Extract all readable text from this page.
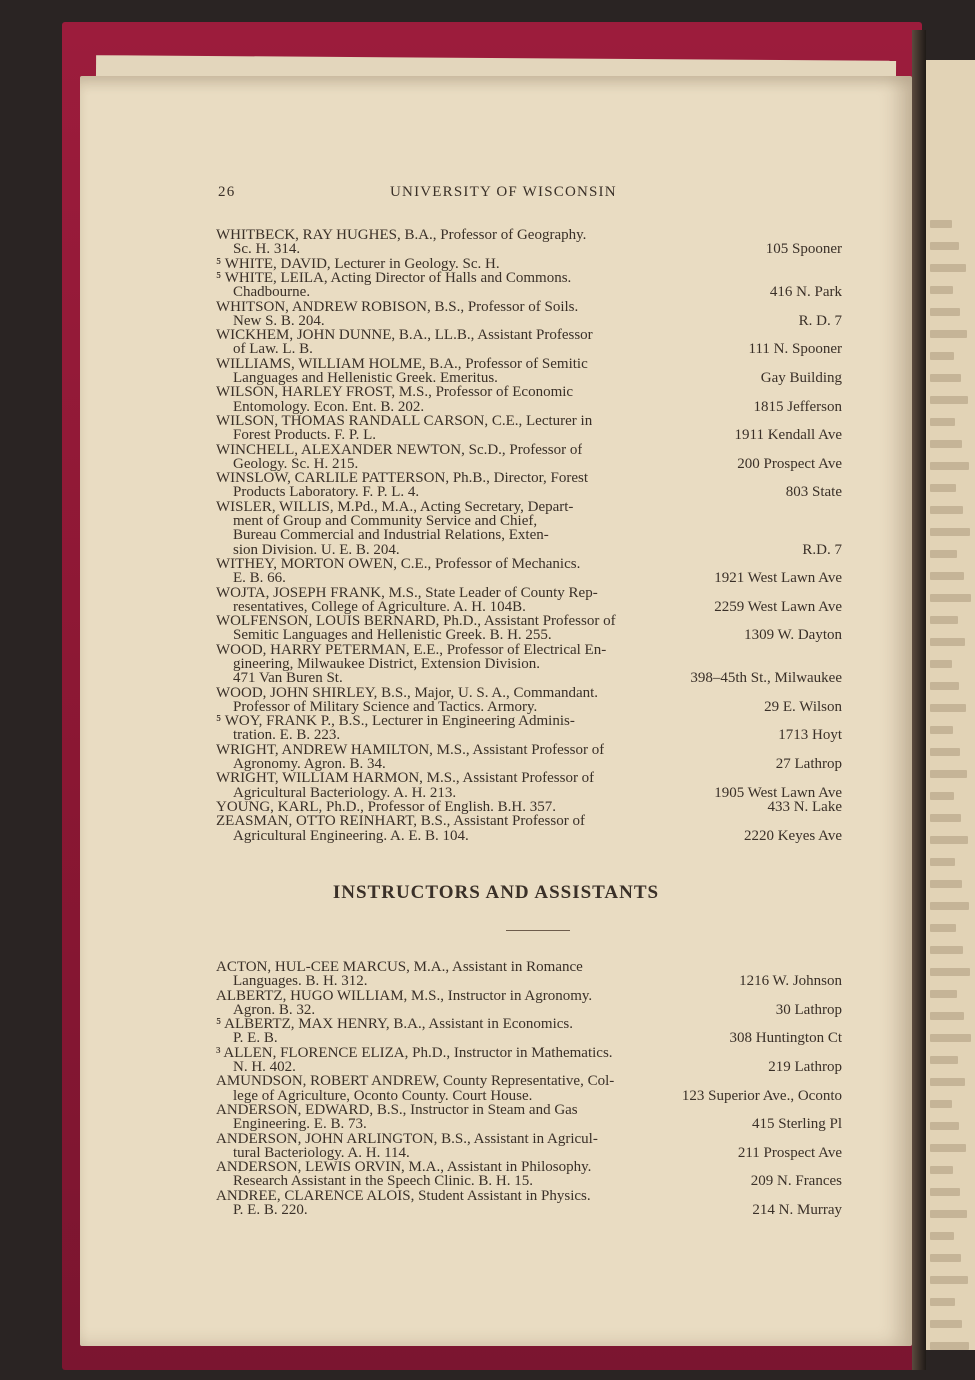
26	UNIVERSITY OF WISCONSIN
WHITBECK, RAY HUGHES, B.A., Professor of Geography.
Sc. H. 314.	105 Spooner
⁵ WHITE, DAVID, Lecturer in Geology. Sc. H.
⁵ WHITE, LEILA, Acting Director of Halls and Commons.
Chadbourne.	416 N. Park
WHITSON, ANDREW ROBISON, B.S., Professor of Soils.
New S. B. 204.	R. D. 7
WICKHEM, JOHN DUNNE, B.A., LL.B., Assistant Professor
of Law. L. B.	111 N. Spooner
WILLIAMS, WILLIAM HOLME, B.A., Professor of Semitic
Languages and Hellenistic Greek. Emeritus.	Gay Building
WILSON, HARLEY FROST, M.S., Professor of Economic
Entomology. Econ. Ent. B. 202.	1815 Jefferson
WILSON, THOMAS RANDALL CARSON, C.E., Lecturer in
Forest Products. F. P. L.	1911 Kendall Ave
WINCHELL, ALEXANDER NEWTON, Sc.D., Professor of
Geology. Sc. H. 215.	200 Prospect Ave
WINSLOW, CARLILE PATTERSON, Ph.B., Director, Forest
Products Laboratory. F. P. L. 4.	803 State
WISLER, WILLIS, M.Pd., M.A., Acting Secretary, Depart-
ment of Group and Community Service and Chief,
Bureau Commercial and Industrial Relations, Exten-
sion Division. U. E. B. 204.	R.D. 7
WITHEY, MORTON OWEN, C.E., Professor of Mechanics.
E. B. 66.	1921 West Lawn Ave
WOJTA, JOSEPH FRANK, M.S., State Leader of County Rep-
resentatives, College of Agriculture. A. H. 104B.	2259 West Lawn Ave
WOLFENSON, LOUIS BERNARD, Ph.D., Assistant Professor of
Semitic Languages and Hellenistic Greek. B. H. 255.	1309 W. Dayton
WOOD, HARRY PETERMAN, E.E., Professor of Electrical En-
gineering, Milwaukee District, Extension Division.
471 Van Buren St.	398–45th St., Milwaukee
WOOD, JOHN SHIRLEY, B.S., Major, U. S. A., Commandant.
Professor of Military Science and Tactics. Armory.	29 E. Wilson
⁵ WOY, FRANK P., B.S., Lecturer in Engineering Adminis-
tration. E. B. 223.	1713 Hoyt
WRIGHT, ANDREW HAMILTON, M.S., Assistant Professor of
Agronomy. Agron. B. 34.	27 Lathrop
WRIGHT, WILLIAM HARMON, M.S., Assistant Professor of
Agricultural Bacteriology. A. H. 213.	1905 West Lawn Ave
YOUNG, KARL, Ph.D., Professor of English. B.H. 357.	433 N. Lake
ZEASMAN, OTTO REINHART, B.S., Assistant Professor of
Agricultural Engineering. A. E. B. 104.	2220 Keyes Ave
INSTRUCTORS AND ASSISTANTS
ACTON, HUL-CEE MARCUS, M.A., Assistant in Romance
Languages. B. H. 312.	1216 W. Johnson
ALBERTZ, HUGO WILLIAM, M.S., Instructor in Agronomy.
Agron. B. 32.	30 Lathrop
⁵ ALBERTZ, MAX HENRY, B.A., Assistant in Economics.
P. E. B.	308 Huntington Ct
³ ALLEN, FLORENCE ELIZA, Ph.D., Instructor in Mathematics.
N. H. 402.	219 Lathrop
AMUNDSON, ROBERT ANDREW, County Representative, Col-
lege of Agriculture, Oconto County. Court House.	123 Superior Ave., Oconto
ANDERSON, EDWARD, B.S., Instructor in Steam and Gas
Engineering. E. B. 73.	415 Sterling Pl
ANDERSON, JOHN ARLINGTON, B.S., Assistant in Agricul-
tural Bacteriology. A. H. 114.	211 Prospect Ave
ANDERSON, LEWIS ORVIN, M.A., Assistant in Philosophy.
Research Assistant in the Speech Clinic. B. H. 15.	209 N. Frances
ANDREE, CLARENCE ALOIS, Student Assistant in Physics.
P. E. B. 220.	214 N. Murray
